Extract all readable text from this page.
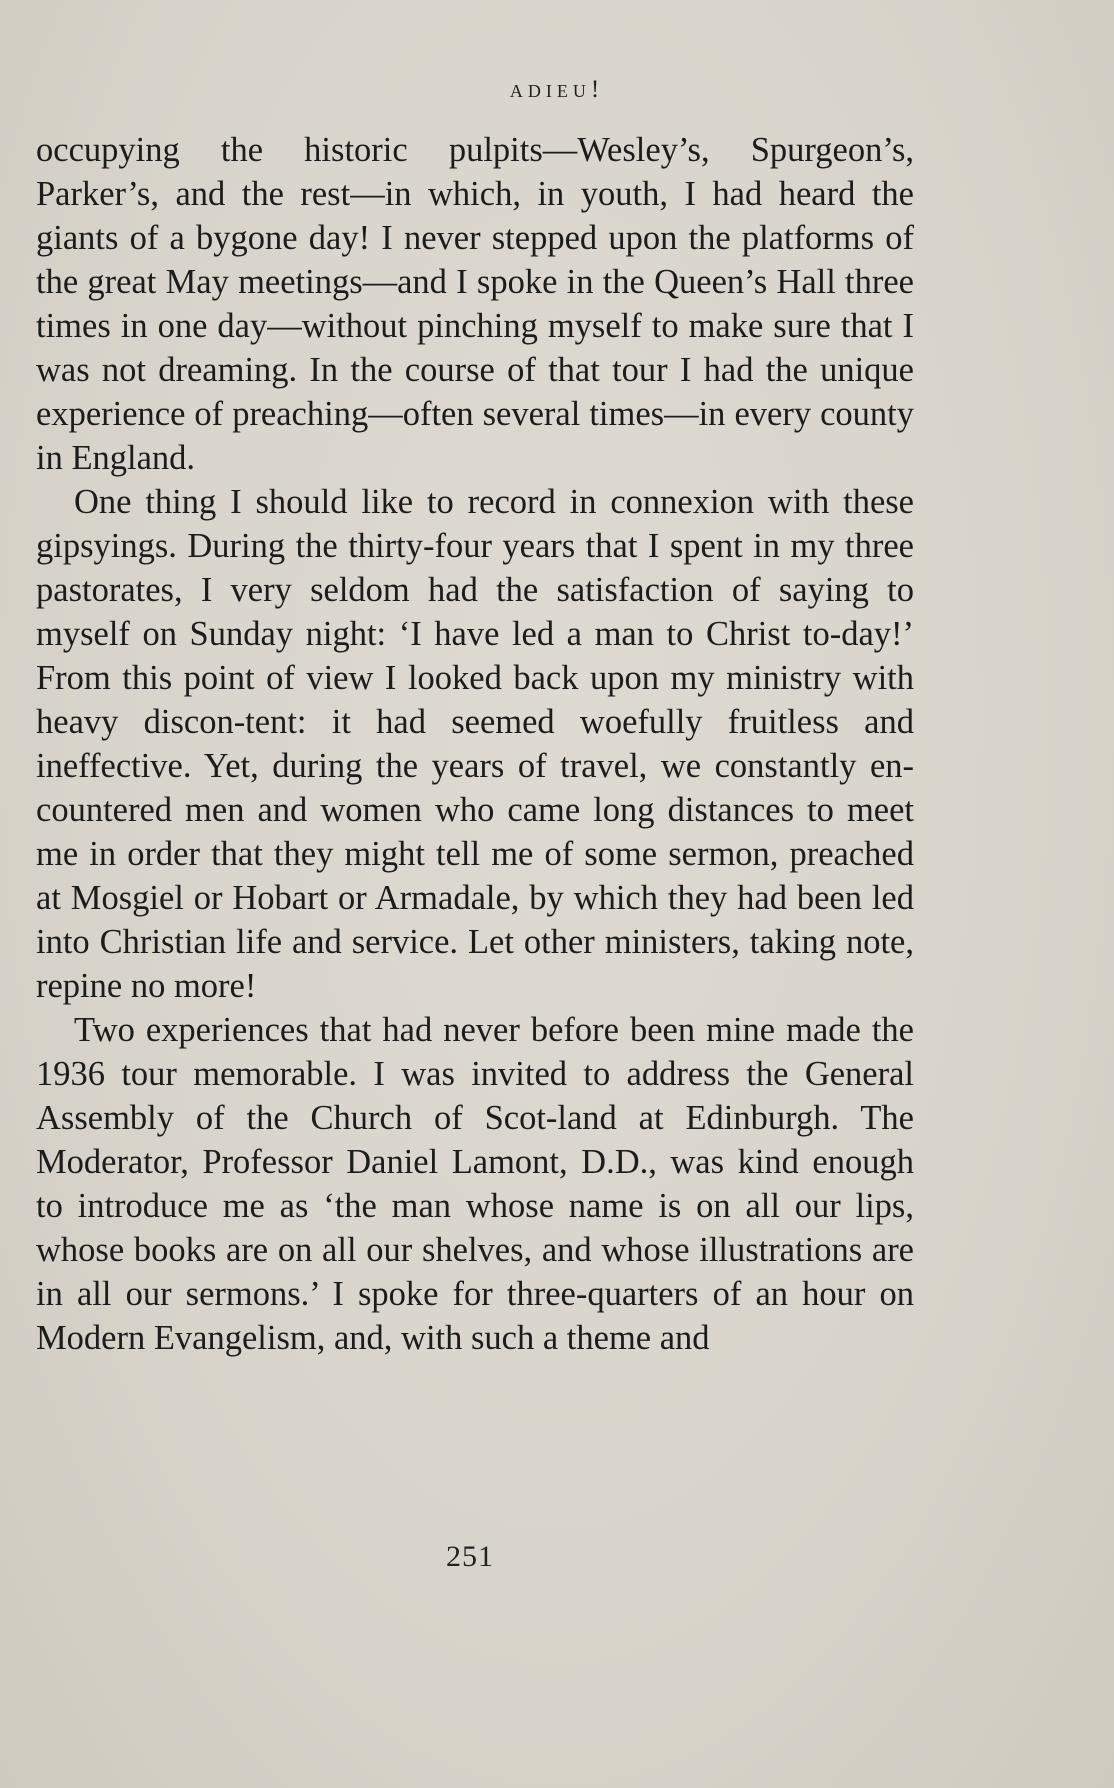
adieu!

occupying the historic pulpits—Wesley’s, Spurgeon’s, Parker’s, and the rest—in which, in youth, I had heard the giants of a bygone day! I never stepped upon the platforms of the great May meetings—and I spoke in the Queen’s Hall three times in one day—without pinching myself to make sure that I was not dreaming. In the course of that tour I had the unique experience of preaching—often several times—in every county in England.

One thing I should like to record in connexion with these gipsyings. During the thirty-four years that I spent in my three pastorates, I very seldom had the satisfaction of saying to myself on Sunday night: ‘I have led a man to Christ to-day!’ From this point of view I looked back upon my ministry with heavy discon-tent: it had seemed woefully fruitless and ineffective. Yet, during the years of travel, we constantly en-countered men and women who came long distances to meet me in order that they might tell me of some sermon, preached at Mosgiel or Hobart or Armadale, by which they had been led into Christian life and service. Let other ministers, taking note, repine no more!

Two experiences that had never before been mine made the 1936 tour memorable. I was invited to address the General Assembly of the Church of Scot-land at Edinburgh. The Moderator, Professor Daniel Lamont, D.D., was kind enough to introduce me as ‘the man whose name is on all our lips, whose books are on all our shelves, and whose illustrations are in all our sermons.’ I spoke for three-quarters of an hour on Modern Evangelism, and, with such a theme and

251
